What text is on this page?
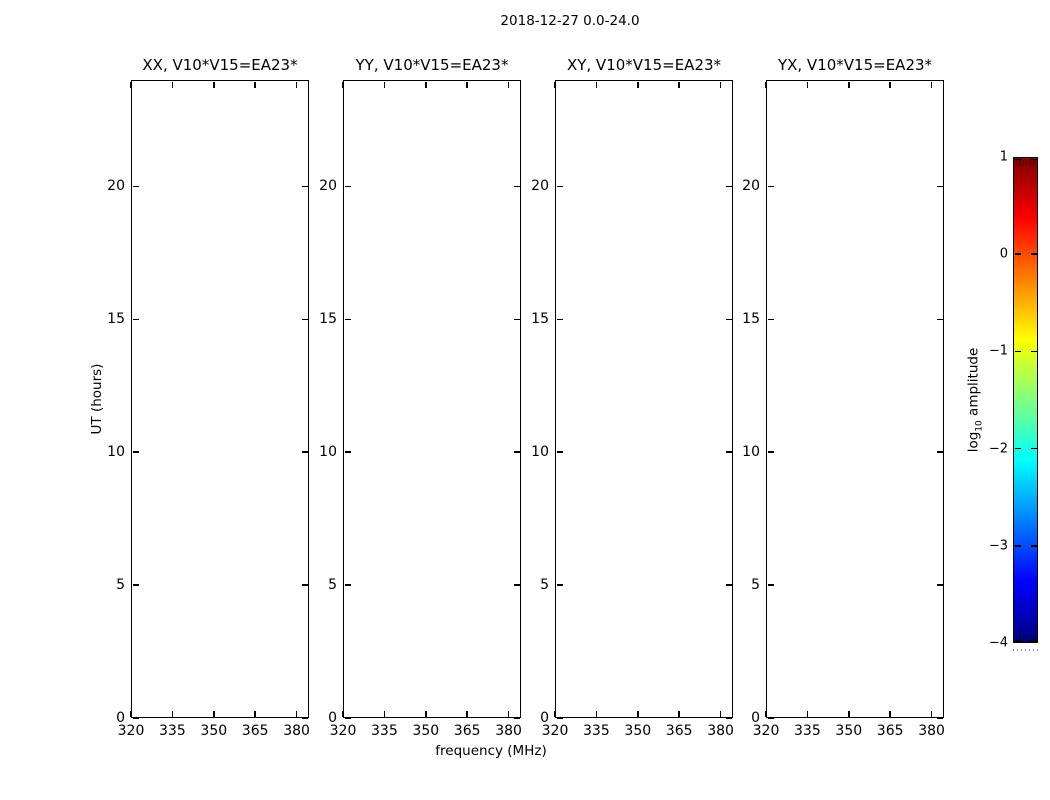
2018-12-27 0.0-24.0
UT (hours)
frequency (MHz)
XX, V10*V15=EA23*
320 335 350 365 380
0
5
10
15
20
YY, V10*V15=EA23*
320 335 350 365 380
0
5
10
15
20
XY, V10*V15=EA23*
320 335 350 365 380
0
5
10
15
20
YX, V10*V15=EA23*
320 335 350 365 380
0
5
10
15
20
1
0
−1
−2
−3
−4
$\log_{10}$ amplitude
